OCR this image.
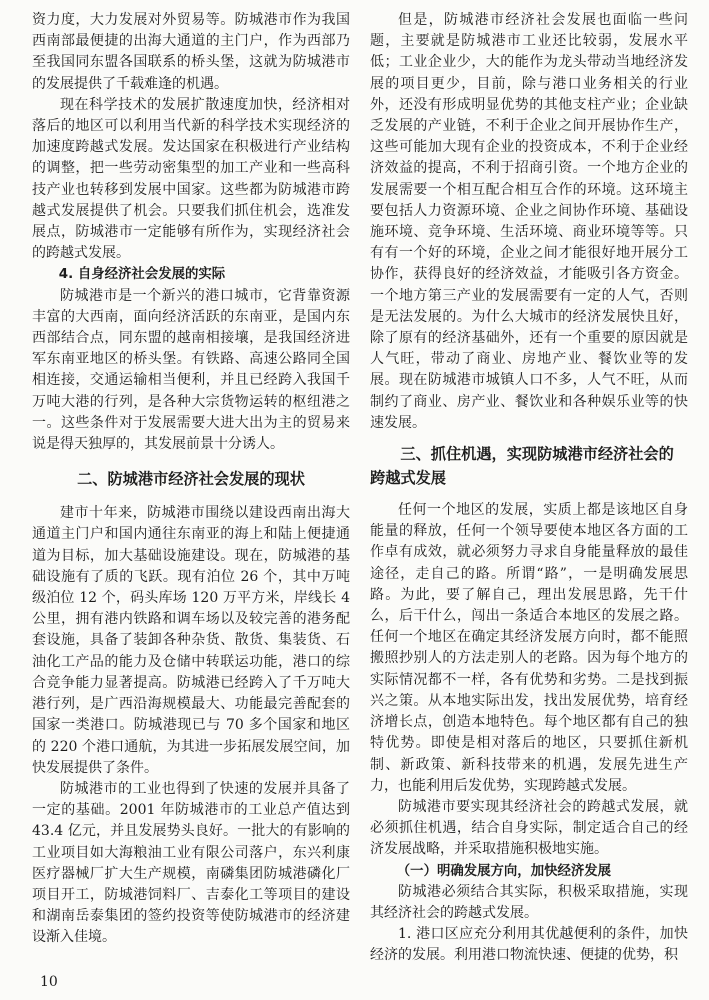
资力度，大力发展对外贸易等。防城港市作为我国西南部最便捷的出海大通道的主门户，作为西部乃至我国同东盟各国联系的桥头堡，这就为防城港市的发展提供了千载难逢的机遇。

现在科学技术的发展扩散速度加快，经济相对落后的地区可以利用当代新的科学技术实现经济的加速度跨越式发展。发达国家在积极进行产业结构的调整，把一些劳动密集型的加工产业和一些高科技产业也转移到发展中国家。这些都为防城港市跨越式发展提供了机会。只要我们抓住机会，选准发展点，防城港市一定能够有所作为，实现经济社会的跨越式发展。

4. 自身经济社会发展的实际

防城港市是一个新兴的港口城市，它背靠资源丰富的大西南，面向经济活跃的东南亚，是国内东西部结合点，同东盟的越南相接壤，是我国经济进军东南亚地区的桥头堡。有铁路、高速公路同全国相连接，交通运输相当便利，并且已经跨入我国千万吨大港的行列，是各种大宗货物运转的枢纽港之一。这些条件对于发展需要大进大出为主的贸易来说是得天独厚的，其发展前景十分诱人。

二、防城港市经济社会发展的现状

建市十年来，防城港市围绕以建设西南出海大通道主门户和国内通往东南亚的海上和陆上便捷通道为目标，加大基础设施建设。现在，防城港的基础设施有了质的飞跃。现有泊位 26 个，其中万吨级泊位 12 个，码头库场 120 万平方米，岸线长 4 公里，拥有港内铁路和调车场以及较完善的港务配套设施，具备了装卸各种杂货、散货、集装货、石油化工产品的能力及仓储中转联运功能，港口的综合竞争能力显著提高。防城港已经跨入了千万吨大港行列，是广西沿海规模最大、功能最完善配套的国家一类港口。防城港现已与 70 多个国家和地区的 220 个港口通航，为其进一步拓展发展空间，加快发展提供了条件。

防城港市的工业也得到了快速的发展并具备了一定的基础。2001 年防城港市的工业总产值达到 43.4 亿元，并且发展势头良好。一批大的有影响的工业项目如大海粮油工业有限公司落户，东兴利康医疗器械厂扩大生产规模，南磷集团防城港磷化厂项目开工，防城港饲料厂、吉泰化工等项目的建设和湖南岳泰集团的签约投资等使防城港市的经济建设渐入佳境。

但是，防城港市经济社会发展也面临一些问题，主要就是防城港市工业还比较弱，发展水平低；工业企业少，大的能作为龙头带动当地经济发展的项目更少，目前，除与港口业务相关的行业外，还没有形成明显优势的其他支柱产业；企业缺乏发展的产业链，不利于企业之间开展协作生产，这些可能加大现有企业的投资成本，不利于企业经济效益的提高，不利于招商引资。一个地方企业的发展需要一个相互配合相互合作的环境。这环境主要包括人力资源环境、企业之间协作环境、基础设施环境、竞争环境、生活环境、商业环境等等。只有有一个好的环境，企业之间才能很好地开展分工协作，获得良好的经济效益，才能吸引各方资金。一个地方第三产业的发展需要有一定的人气，否则是无法发展的。为什么大城市的经济发展快且好，除了原有的经济基础外，还有一个重要的原因就是人气旺，带动了商业、房地产业、餐饮业等的发展。现在防城港市城镇人口不多，人气不旺，从而制约了商业、房产业、餐饮业和各种娱乐业等的快速发展。

三、抓住机遇，实现防城港市经济社会的跨越式发展

任何一个地区的发展，实质上都是该地区自身能量的释放，任何一个领导要使本地区各方面的工作卓有成效，就必须努力寻求自身能量释放的最佳途径，走自己的路。所谓“路”，一是明确发展思路。为此，要了解自己，理出发展思路，先干什么，后干什么，闯出一条适合本地区的发展之路。任何一个地区在确定其经济发展方向时，都不能照搬照抄别人的方法走别人的老路。因为每个地方的实际情况都不一样，各有优势和劣势。二是找到振兴之策。从本地实际出发，找出发展优势，培育经济增长点，创造本地特色。每个地区都有自己的独特优势。即使是相对落后的地区，只要抓住新机制、新政策、新科技带来的机遇，发展先进生产力，也能利用后发优势，实现跨越式发展。

防城港市要实现其经济社会的跨越式发展，就必须抓住机遇，结合自身实际，制定适合自己的经济发展战略，并采取措施积极地实施。

（一）明确发展方向，加快经济发展

防城港必须结合其实际，积极采取措施，实现其经济社会的跨越式发展。

1. 港口区应充分利用其优越便利的条件，加快经济的发展。利用港口物流快速、便捷的优势，积

10
